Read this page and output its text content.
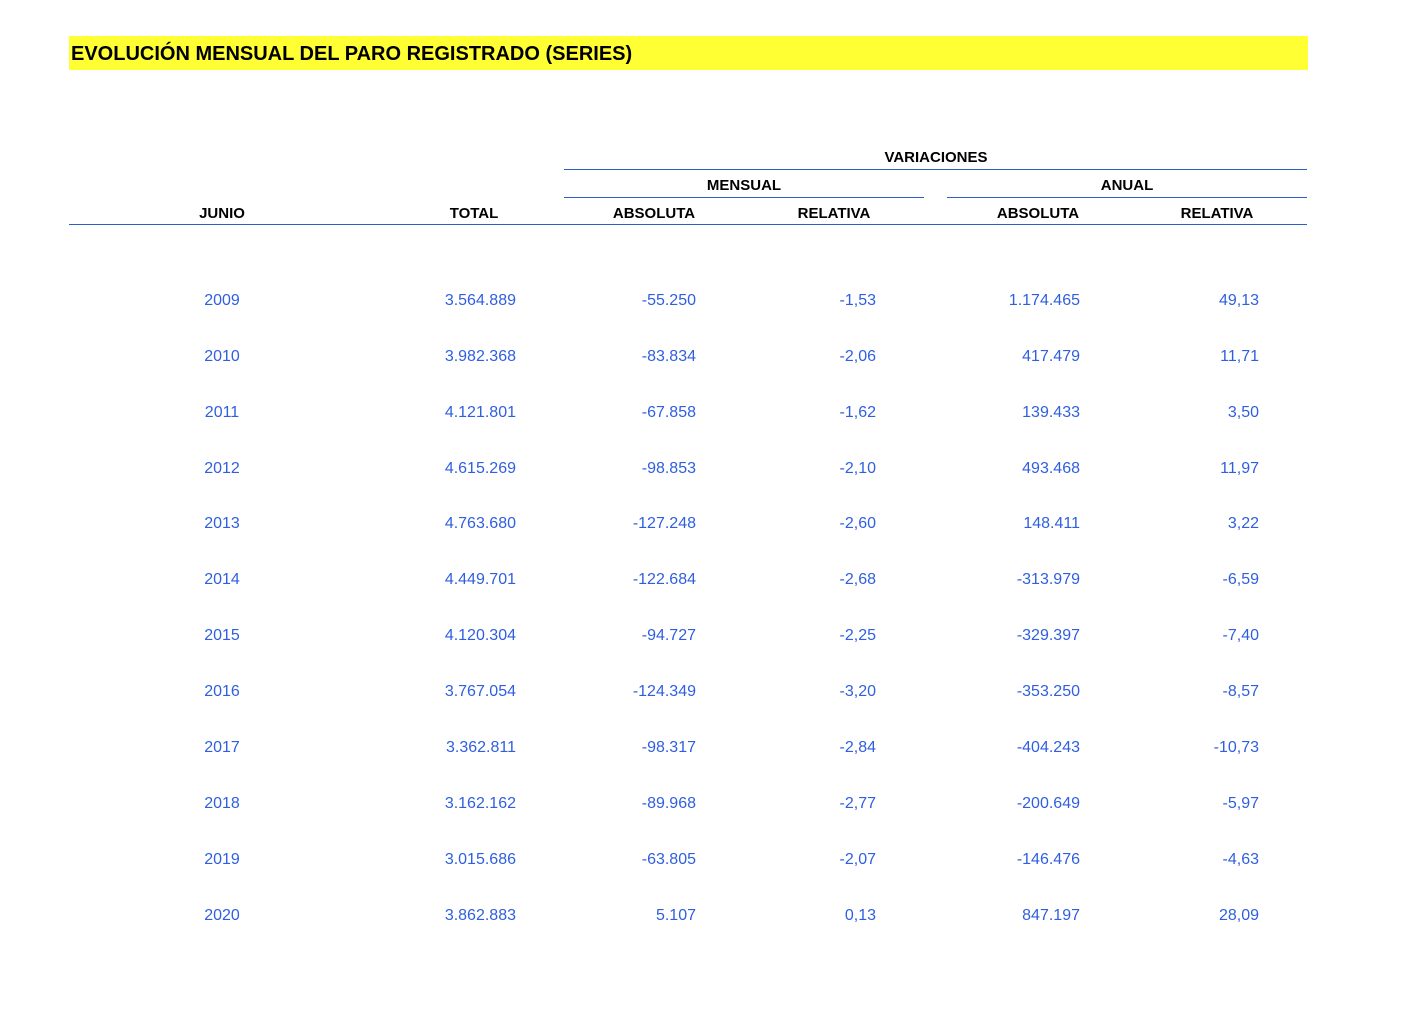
EVOLUCIÓN MENSUAL DEL PARO REGISTRADO (SERIES)
VARIACIONES
MENSUAL	ANUAL
JUNIO	TOTAL	ABSOLUTA	RELATIVA	ABSOLUTA	RELATIVA
2009	3.564.889	-55.250	-1,53	1.174.465	49,13
2010	3.982.368	-83.834	-2,06	417.479	11,71
2011	4.121.801	-67.858	-1,62	139.433	3,50
2012	4.615.269	-98.853	-2,10	493.468	11,97
2013	4.763.680	-127.248	-2,60	148.411	3,22
2014	4.449.701	-122.684	-2,68	-313.979	-6,59
2015	4.120.304	-94.727	-2,25	-329.397	-7,40
2016	3.767.054	-124.349	-3,20	-353.250	-8,57
2017	3.362.811	-98.317	-2,84	-404.243	-10,73
2018	3.162.162	-89.968	-2,77	-200.649	-5,97
2019	3.015.686	-63.805	-2,07	-146.476	-4,63
2020	3.862.883	5.107	0,13	847.197	28,09
